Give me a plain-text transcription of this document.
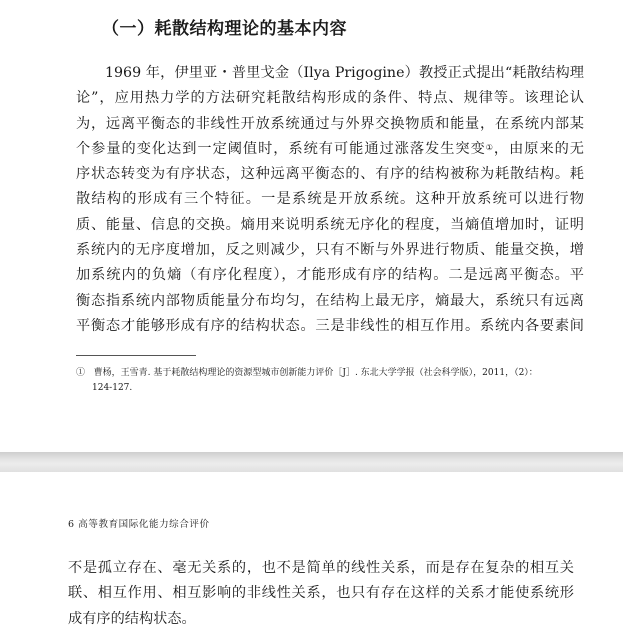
（一）耗散结构理论的基本内容
1969 年，伊里亚・普里戈金（Ilya Prigogine）教授正式提出“耗散结构理
论”，应用热力学的方法研究耗散结构形成的条件、特点、规律等。该理论认
为，远离平衡态的非线性开放系统通过与外界交换物质和能量，在系统内部某
个参量的变化达到一定阈值时，系统有可能通过涨落发生突变①，由原来的无
序状态转变为有序状态，这种远离平衡态的、有序的结构被称为耗散结构。耗
散结构的形成有三个特征。一是系统是开放系统。这种开放系统可以进行物
质、能量、信息的交换。熵用来说明系统无序化的程度，当熵值增加时，证明
系统内的无序度增加，反之则减少，只有不断与外界进行物质、能量交换，增
加系统内的负熵（有序化程度），才能形成有序的结构。二是远离平衡态。平
衡态指系统内部物质能量分布均匀，在结构上最无序，熵最大，系统只有远离
平衡态才能够形成有序的结构状态。三是非线性的相互作用。系统内各要素间
① 曹杨，王雪青. 基于耗散结构理论的资源型城市创新能力评价［J］. 东北大学学报（社会科学版），2011，（2）：
124-127.
6 高等教育国际化能力综合评价
不是孤立存在、毫无关系的，也不是简单的线性关系，而是存在复杂的相互关
联、相互作用、相互影响的非线性关系，也只有存在这样的关系才能使系统形
成有序的结构状态。
